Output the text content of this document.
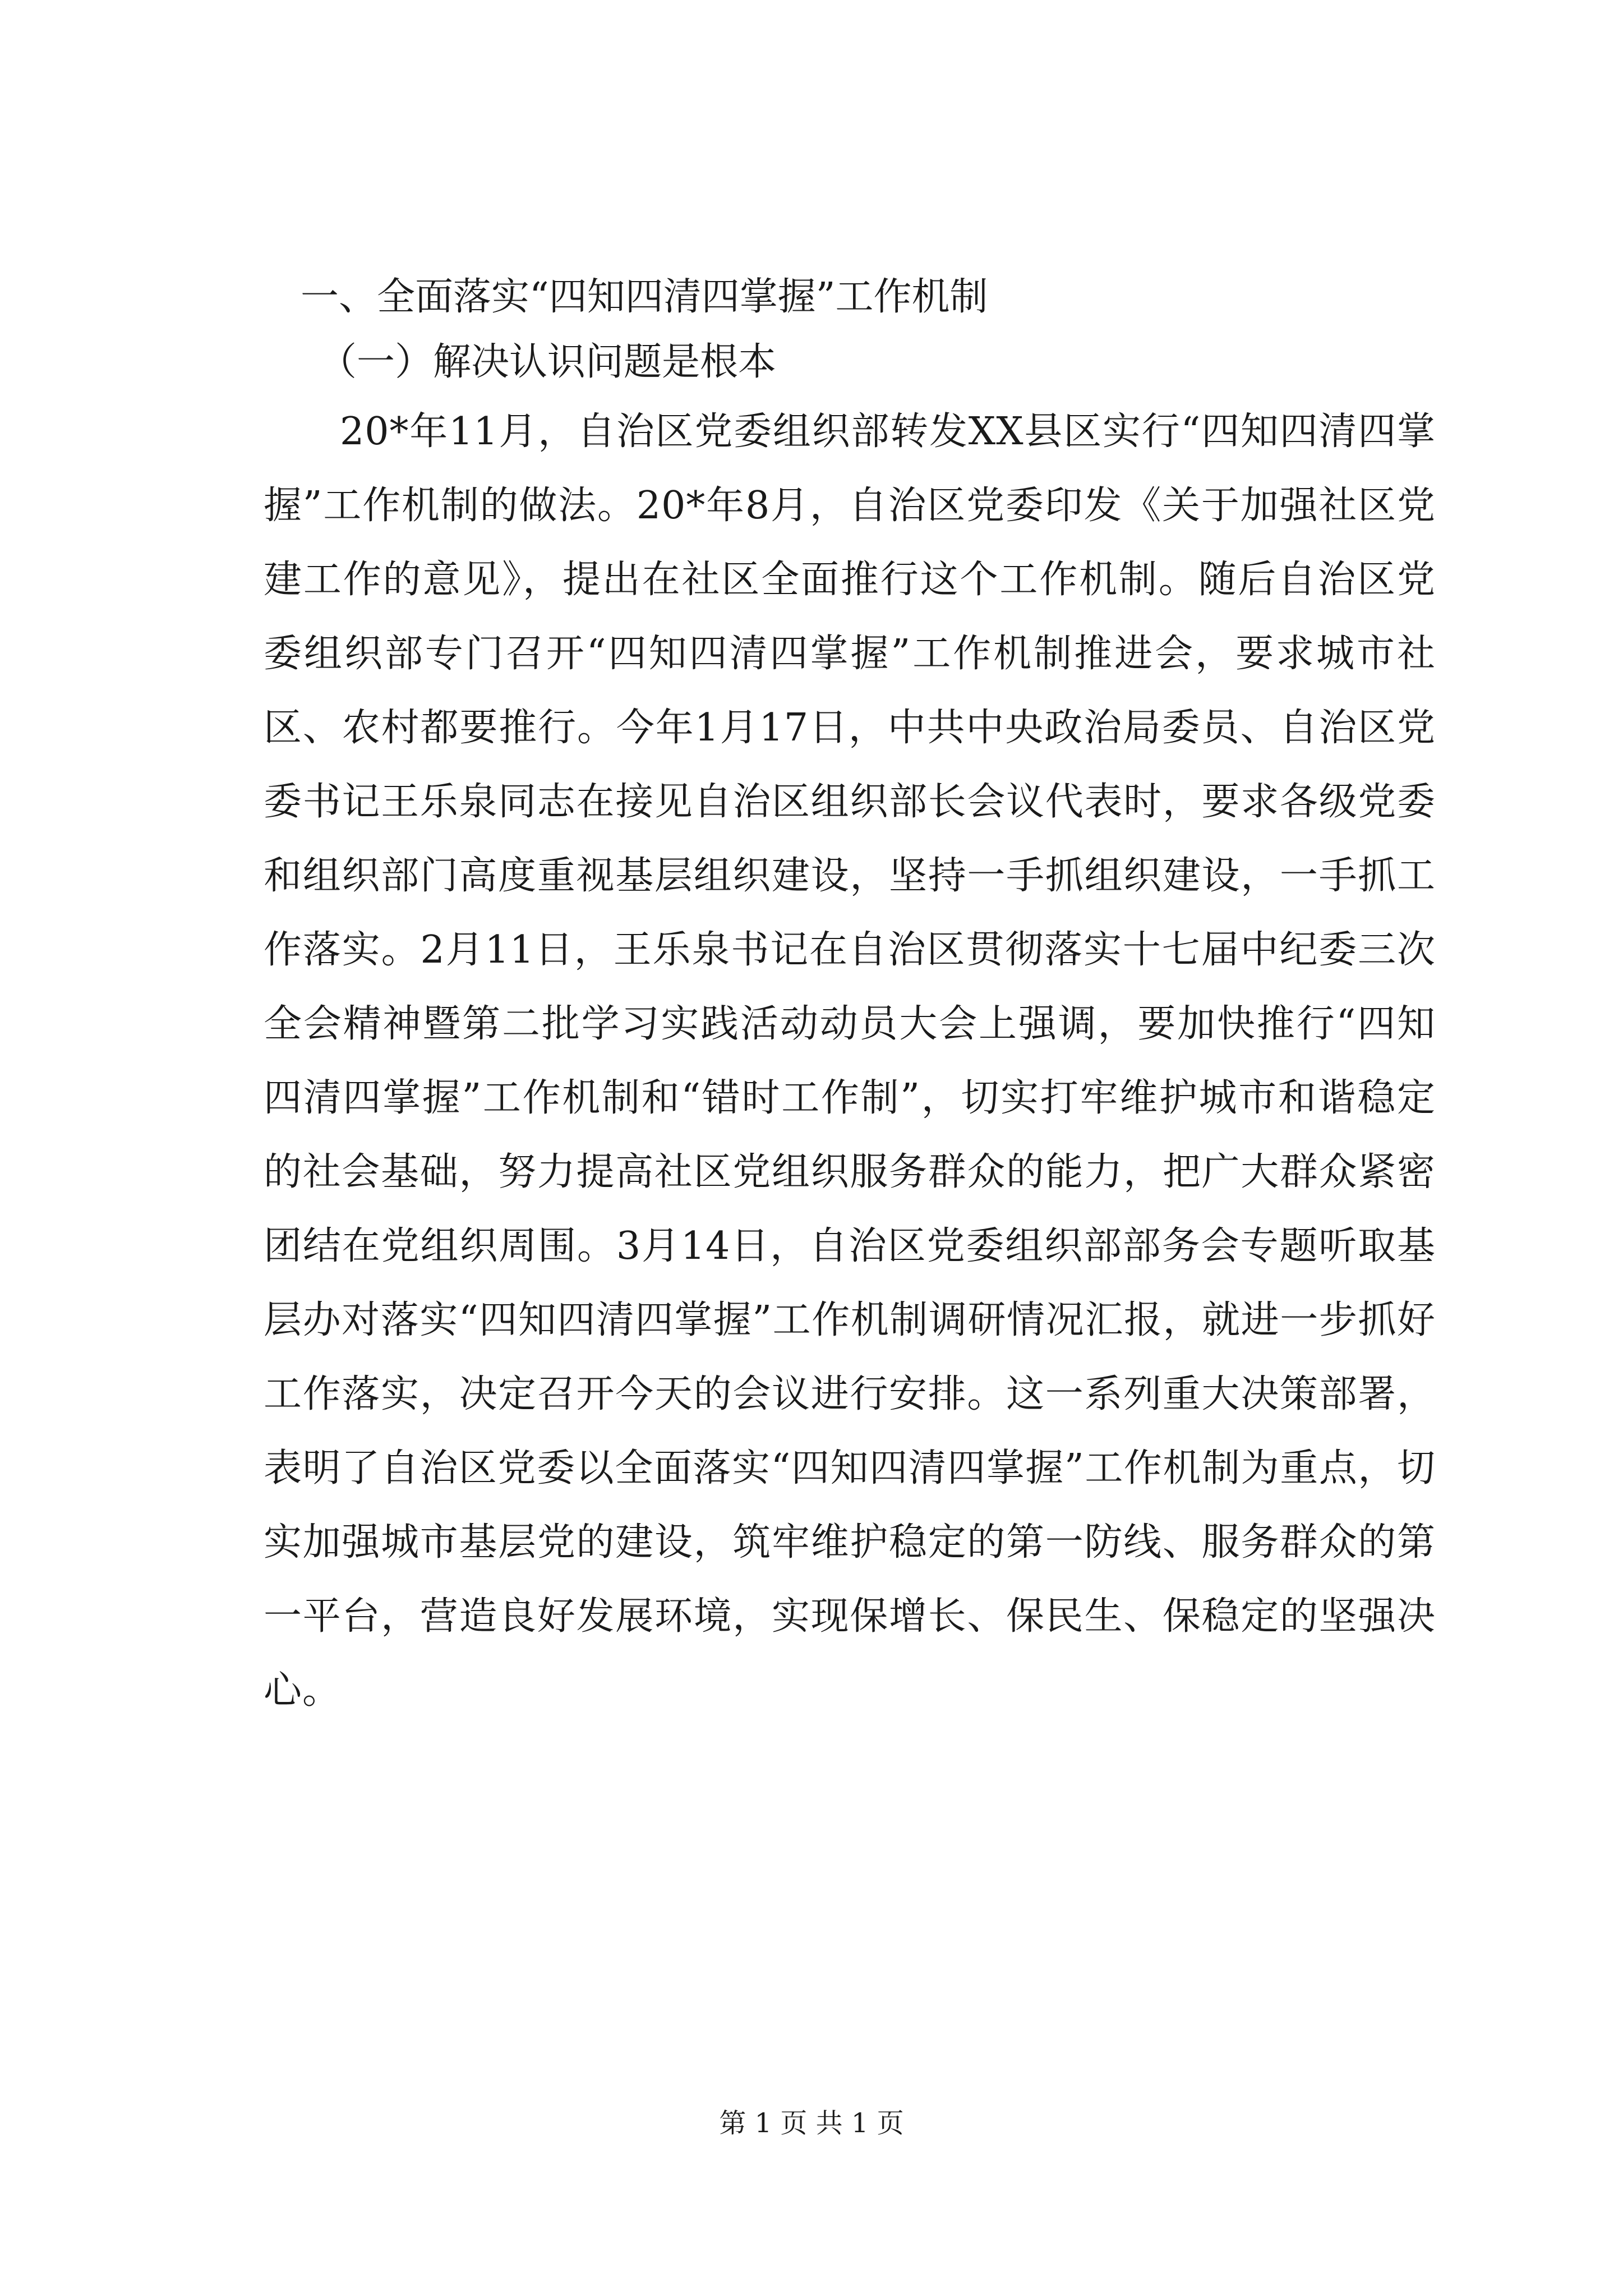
一、全面落实“四知四清四掌握”工作机制
（一）解决认识问题是根本

20*年11月，自治区党委组织部转发XX县区实行“四知四清四掌握”工作机制的做法。20*年8月，自治区党委印发《关于加强社区党建工作的意见》，提出在社区全面推行这个工作机制。随后自治区党委组织部专门召开“四知四清四掌握”工作机制推进会，要求城市社区、农村都要推行。今年1月17日，中共中央政治局委员、自治区党委书记王乐泉同志在接见自治区组织部长会议代表时，要求各级党委和组织部门高度重视基层组织建设，坚持一手抓组织建设，一手抓工作落实。2月11日，王乐泉书记在自治区贯彻落实十七届中纪委三次全会精神暨第二批学习实践活动动员大会上强调，要加快推行“四知四清四掌握”工作机制和“错时工作制”，切实打牢维护城市和谐稳定的社会基础，努力提高社区党组织服务群众的能力，把广大群众紧密团结在党组织周围。3月14日，自治区党委组织部部务会专题听取基层办对落实“四知四清四掌握”工作机制调研情况汇报，就进一步抓好工作落实，决定召开今天的会议进行安排。这一系列重大决策部署，表明了自治区党委以全面落实“四知四清四掌握”工作机制为重点，切实加强城市基层党的建设，筑牢维护稳定的第一防线、服务群众的第一平台，营造良好发展环境，实现保增长、保民生、保稳定的坚强决心。

第 1 页 共 1 页
